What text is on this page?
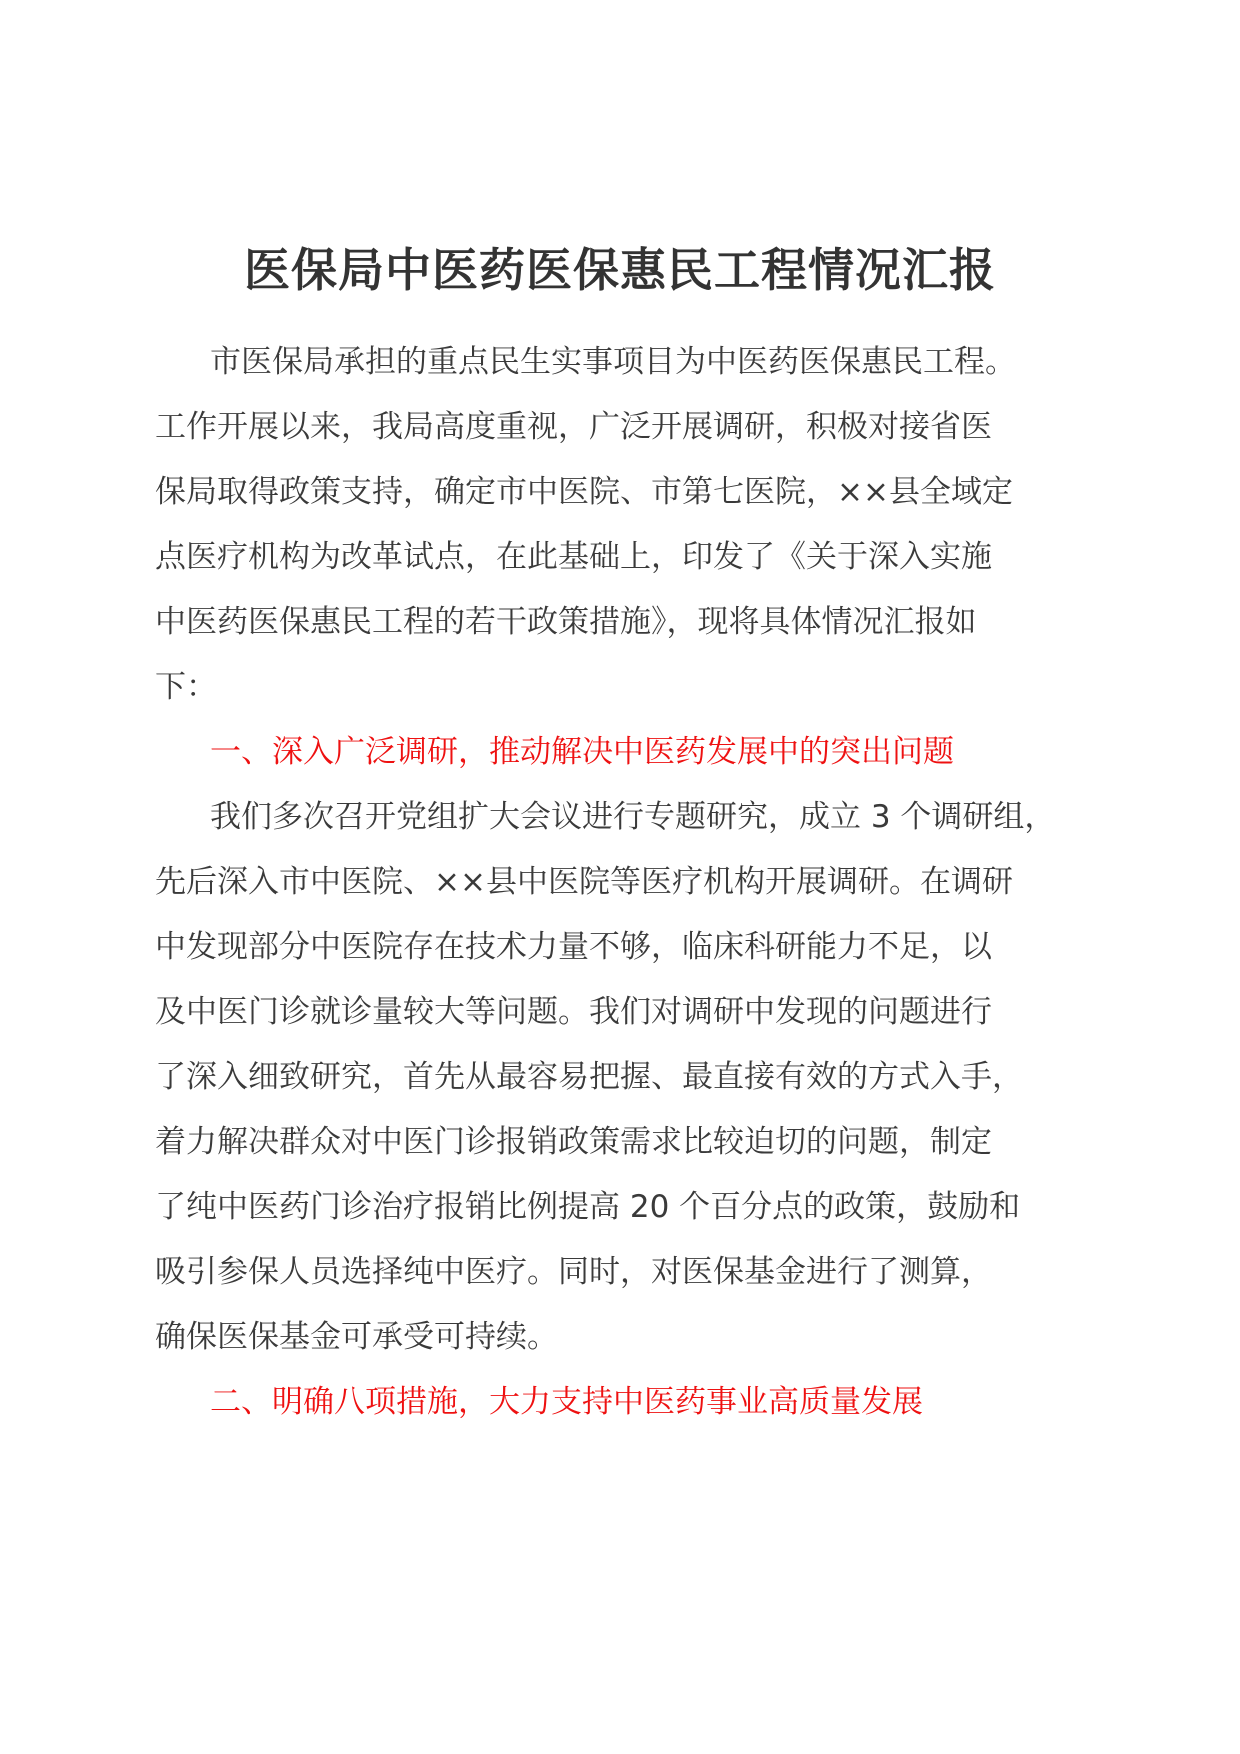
医保局中医药医保惠民工程情况汇报
市医保局承担的重点民生实事项目为中医药医保惠民工程。
工作开展以来，我局高度重视，广泛开展调研，积极对接省医
保局取得政策支持，确定市中医院、市第七医院，××县全域定
点医疗机构为改革试点，在此基础上，印发了《关于深入实施
中医药医保惠民工程的若干政策措施》，现将具体情况汇报如
下：
一、深入广泛调研，推动解决中医药发展中的突出问题
我们多次召开党组扩大会议进行专题研究，成立 3 个调研组，
先后深入市中医院、××县中医院等医疗机构开展调研。在调研
中发现部分中医院存在技术力量不够，临床科研能力不足，以
及中医门诊就诊量较大等问题。我们对调研中发现的问题进行
了深入细致研究，首先从最容易把握、最直接有效的方式入手，
着力解决群众对中医门诊报销政策需求比较迫切的问题，制定
了纯中医药门诊治疗报销比例提高 20 个百分点的政策，鼓励和
吸引参保人员选择纯中医疗。同时，对医保基金进行了测算，
确保医保基金可承受可持续。
二、明确八项措施，大力支持中医药事业高质量发展
